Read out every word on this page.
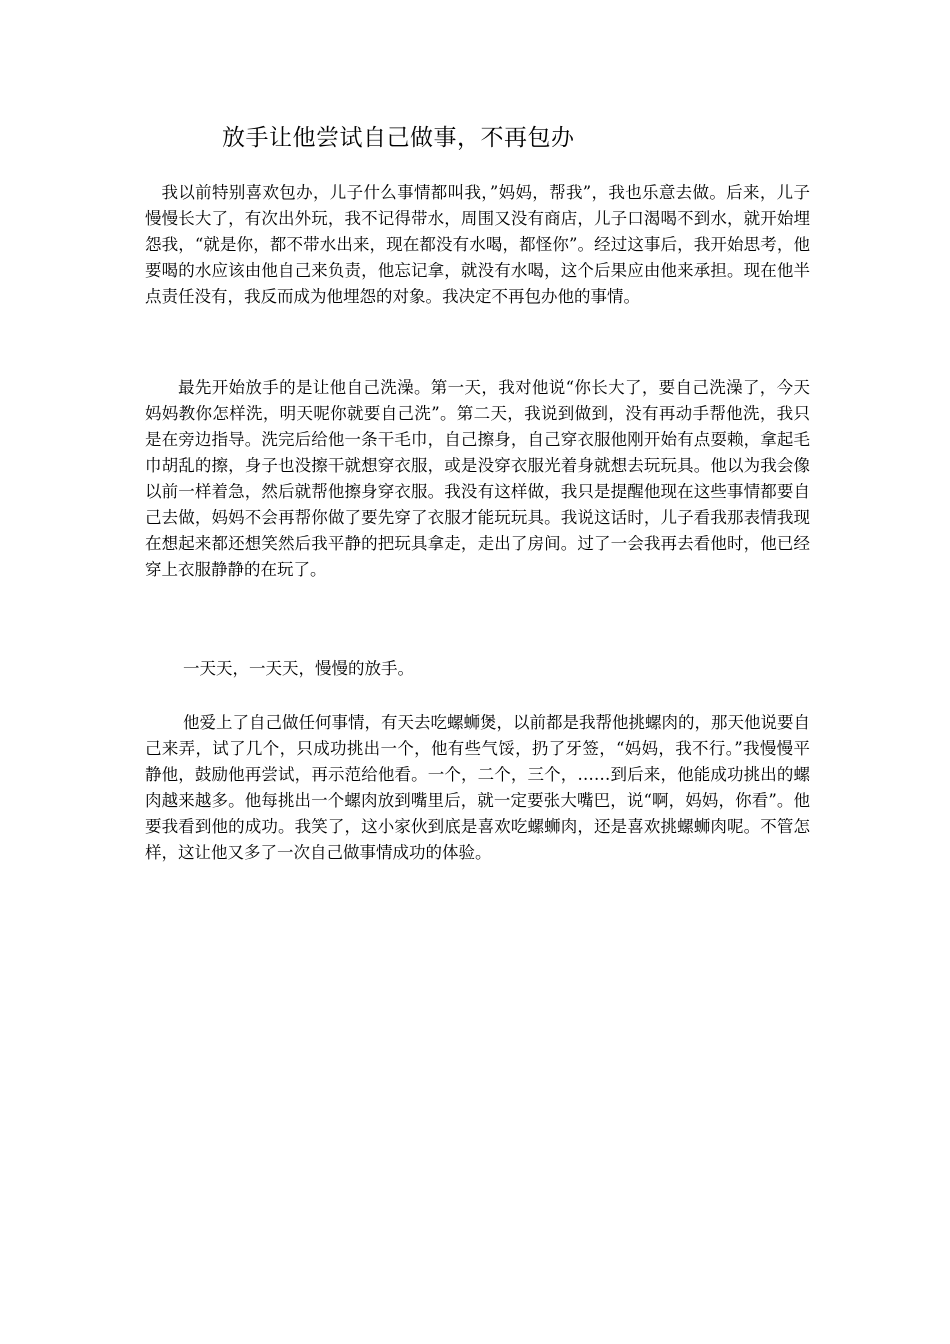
放手让他尝试自己做事，不再包办

我以前特别喜欢包办，儿子什么事情都叫我，”妈妈，帮我”，我也乐意去做。后来，儿子慢慢长大了，有次出外玩，我不记得带水，周围又没有商店，儿子口渴喝不到水，就开始埋怨我，“就是你，都不带水出来，现在都没有水喝，都怪你”。经过这事后，我开始思考，他要喝的水应该由他自己来负责，他忘记拿，就没有水喝，这个后果应由他来承担。现在他半点责任没有，我反而成为他埋怨的对象。我决定不再包办他的事情。

最先开始放手的是让他自己洗澡。第一天，我对他说“你长大了，要自己洗澡了，今天妈妈教你怎样洗，明天呢你就要自己洗”。第二天，我说到做到，没有再动手帮他洗，我只是在旁边指导。洗完后给他一条干毛巾，自己擦身，自己穿衣服他刚开始有点耍赖，拿起毛巾胡乱的擦，身子也没擦干就想穿衣服，或是没穿衣服光着身就想去玩玩具。他以为我会像以前一样着急，然后就帮他擦身穿衣服。我没有这样做，我只是提醒他现在这些事情都要自己去做，妈妈不会再帮你做了要先穿了衣服才能玩玩具。我说这话时，儿子看我那表情我现在想起来都还想笑然后我平静的把玩具拿走，走出了房间。过了一会我再去看他时，他已经穿上衣服静静的在玩了。

一天天，一天天，慢慢的放手。

他爱上了自己做任何事情，有天去吃螺蛳煲，以前都是我帮他挑螺肉的，那天他说要自己来弄，试了几个，只成功挑出一个，他有些气馁，扔了牙签，“妈妈，我不行。”我慢慢平静他，鼓励他再尝试，再示范给他看。一个，二个，三个，……到后来，他能成功挑出的螺肉越来越多。他每挑出一个螺肉放到嘴里后，就一定要张大嘴巴，说“啊，妈妈，你看”。他要我看到他的成功。我笑了，这小家伙到底是喜欢吃螺蛳肉，还是喜欢挑螺蛳肉呢。不管怎样，这让他又多了一次自己做事情成功的体验。
